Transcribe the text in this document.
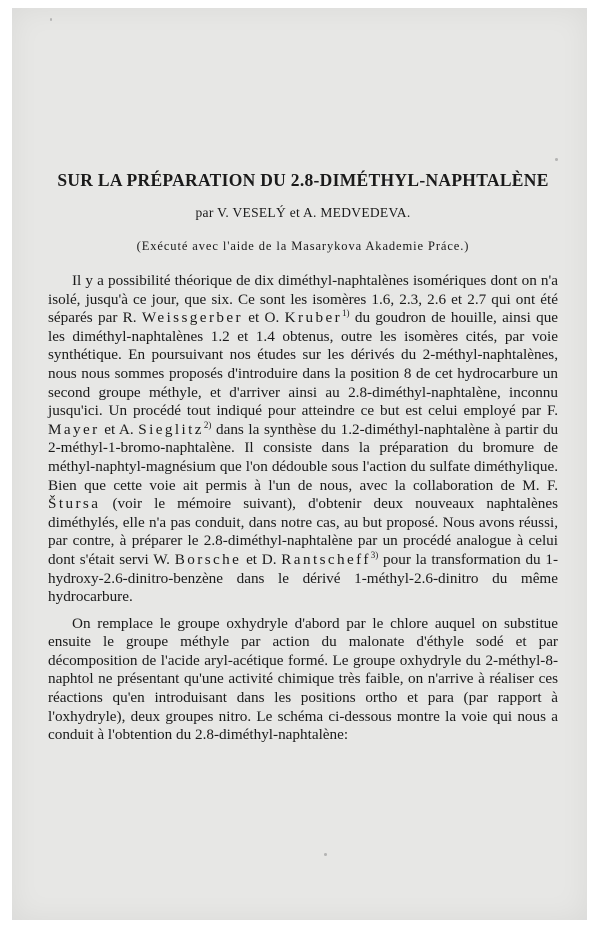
SUR LA PRÉPARATION DU 2.8-DIMÉTHYL-NAPHTALÈNE
par V. VESELÝ et A. MEDVEDEVA.
(Exécuté avec l'aide de la Masarykova Akademie Práce.)

Il y a possibilité théorique de dix diméthyl-naphtalènes isomériques dont on n'a isolé, jusqu'à ce jour, que six. Ce sont les isomères 1.6, 2.3, 2.6 et 2.7 qui ont été séparés par R. Weissgerber et O. Kruber$^{1)}$ du goudron de houille, ainsi que les diméthyl-naphtalènes 1.2 et 1.4 obtenus, outre les isomères cités, par voie synthétique. En poursuivant nos études sur les dérivés du 2-méthyl-naphtalènes, nous nous sommes proposés d'introduire dans la position 8 de cet hydrocarbure un second groupe méthyle, et d'arriver ainsi au 2.8-diméthyl-naphtalène, inconnu jusqu'ici. Un procédé tout indiqué pour atteindre ce but est celui employé par F. Mayer et A. Sieglitz$^{2)}$ dans la synthèse du 1.2-diméthyl-naphtalène à partir du 2-méthyl-1-bromo-naphtalène. Il consiste dans la préparation du bromure de méthyl-naphtyl-magnésium que l'on dédouble sous l'action du sulfate diméthylique. Bien que cette voie ait permis à l'un de nous, avec la collaboration de M. F. Štursa (voir le mémoire suivant), d'obtenir deux nouveaux naphtalènes diméthylés, elle n'a pas conduit, dans notre cas, au but proposé. Nous avons réussi, par contre, à préparer le 2.8-diméthyl-naphtalène par un procédé analogue à celui dont s'était servi W. Borsche et D. Rantscheff$^{3)}$ pour la transformation du 1-hydroxy-2.6-dinitro-benzène dans le dérivé 1-méthyl-2.6-dinitro du même hydrocarbure.

On remplace le groupe oxhydryle d'abord par le chlore auquel on substitue ensuite le groupe méthyle par action du malonate d'éthyle sodé et par décomposition de l'acide aryl-acétique formé. Le groupe oxhydryle du 2-méthyl-8-naphtol ne présentant qu'une activité chimique très faible, on n'arrive à réaliser ces réactions qu'en introduisant dans les positions ortho et para (par rapport à l'oxhydryle), deux groupes nitro. Le schéma ci-dessous montre la voie qui nous a conduit à l'obtention du 2.8-diméthyl-naphtalène:
